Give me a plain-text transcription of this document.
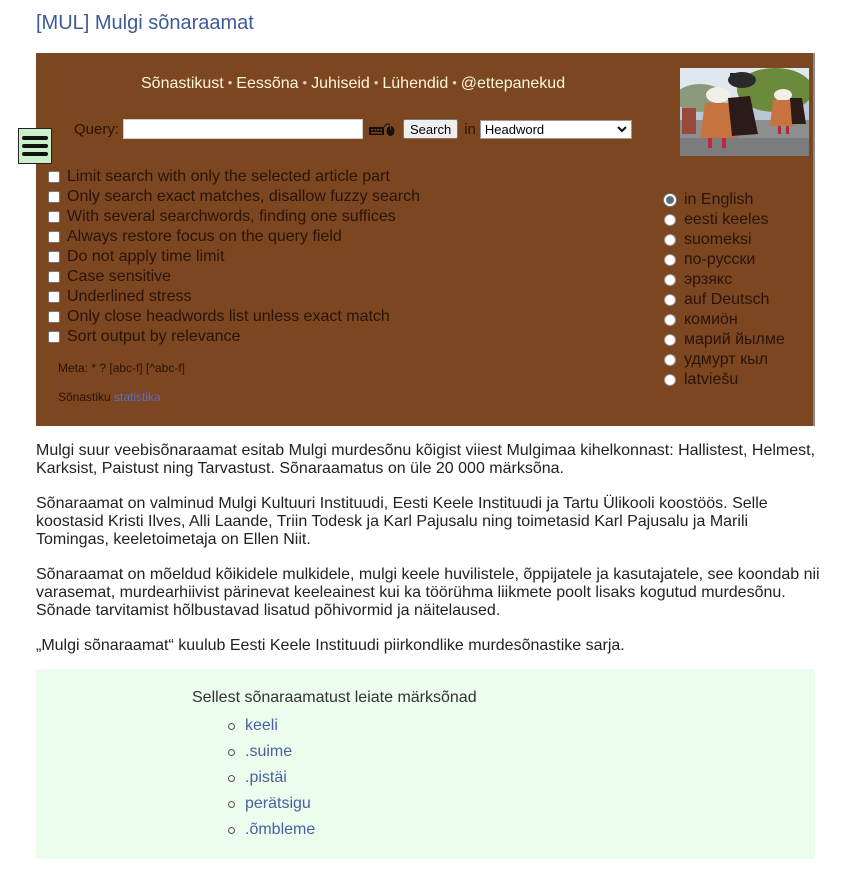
[MUL] Mulgi sõnaraamat
Sõnastikust • Eessõna • Juhiseid • Lühendid • @ettepanekud
Query:	Search in Headword
Limit search with only the selected article part
Only search exact matches, disallow fuzzy search
With several searchwords, finding one suffices
Always restore focus on the query field
Do not apply time limit
Case sensitive
Underlined stress
Only close headwords list unless exact match
Sort output by relevance
Meta: * ? [abc-f] [^abc-f]
Sõnastiku statistika
in English
eesti keeles
suomeksi
по-русски
эрзякс
auf Deutsch
комиӧн
марий йылме
удмурт кыл
latviešu

Mulgi suur veebisõnaraamat esitab Mulgi murdesõnu kõigist viiest Mulgimaa kihelkonnast: Hallistest, Helmest, Karksist, Paistust ning Tarvastust. Sõnaraamatus on üle 20 000 märksõna.

Sõnaraamat on valminud Mulgi Kultuuri Instituudi, Eesti Keele Instituudi ja Tartu Ülikooli koostöös. Selle koostasid Kristi Ilves, Alli Laande, Triin Todesk ja Karl Pajusalu ning toimetasid Karl Pajusalu ja Marili Tomingas, keeletoimetaja on Ellen Niit.

Sõnaraamat on mõeldud kõikidele mulkidele, mulgi keele huvilistele, õppijatele ja kasutajatele, see koondab nii varasemat, murdearhiivist pärinevat keeleainest kui ka töörühma liikmete poolt lisaks kogutud murdesõnu. Sõnade tarvitamist hõlbustavad lisatud põhivormid ja näitelaused.

„Mulgi sõnaraamat“ kuulub Eesti Keele Instituudi piirkondlike murdesõnastike sarja.

Sellest sõnaraamatust leiate märksõnad
keeli
.suime
.pistäi
perätsigu
.õmbleme
